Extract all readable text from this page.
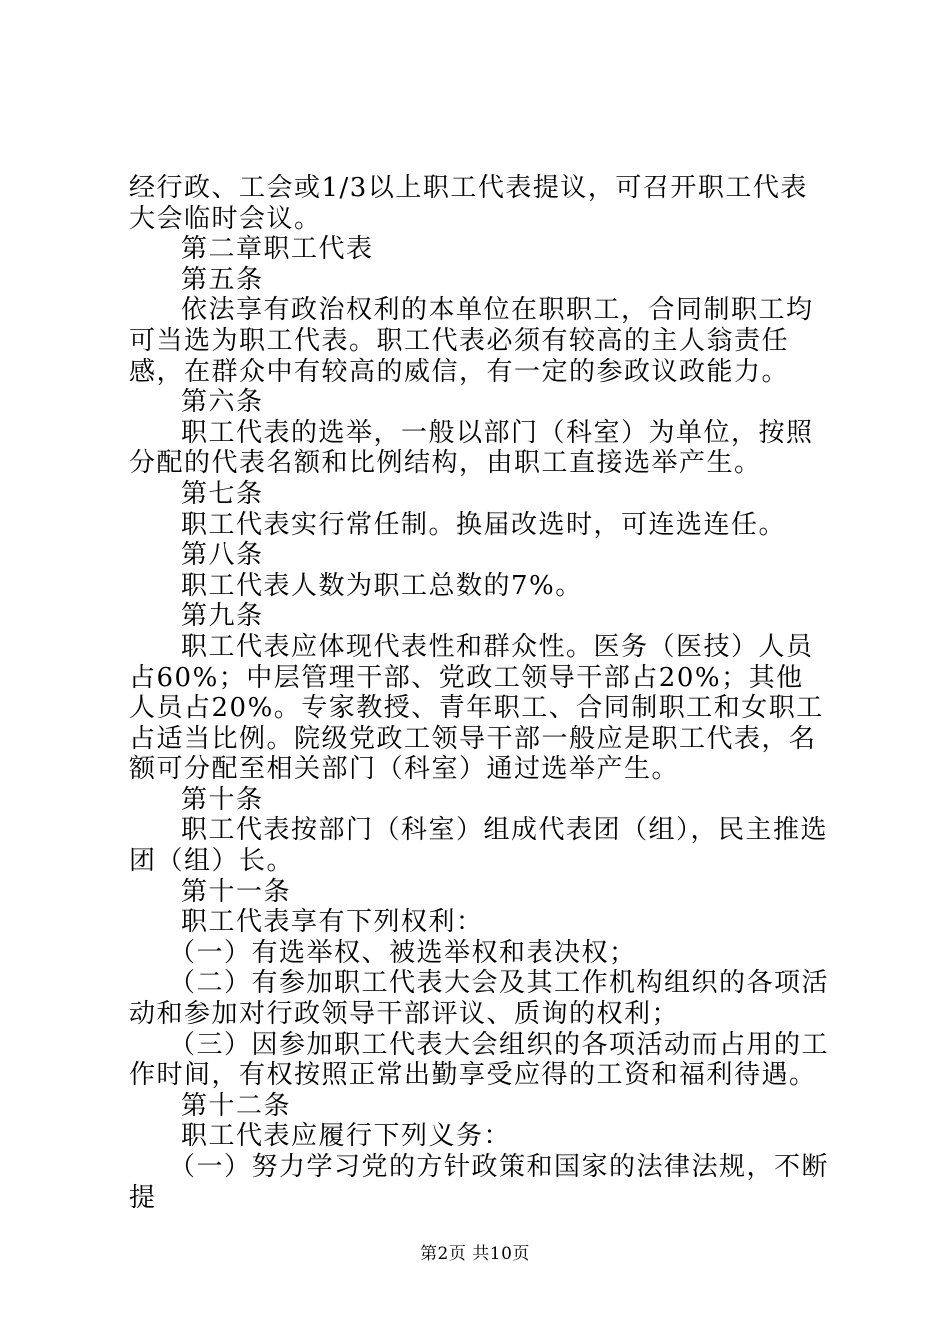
经行政、工会或1/3以上职工代表提议，可召开职工代表大会临时会议。

第二章职工代表

第五条

依法享有政治权利的本单位在职职工，合同制职工均可当选为职工代表。职工代表必须有较高的主人翁责任感，在群众中有较高的威信，有一定的参政议政能力。

第六条

职工代表的选举，一般以部门（科室）为单位，按照分配的代表名额和比例结构，由职工直接选举产生。

第七条

职工代表实行常任制。换届改选时，可连选连任。

第八条

职工代表人数为职工总数的7%。

第九条

职工代表应体现代表性和群众性。医务（医技）人员占60%；中层管理干部、党政工领导干部占20%；其他人员占20%。专家教授、青年职工、合同制职工和女职工占适当比例。院级党政工领导干部一般应是职工代表，名额可分配至相关部门（科室）通过选举产生。

第十条

职工代表按部门（科室）组成代表团（组），民主推选团（组）长。

第十一条

职工代表享有下列权利：

（一）有选举权、被选举权和表决权；

（二）有参加职工代表大会及其工作机构组织的各项活动和参加对行政领导干部评议、质询的权利；

（三）因参加职工代表大会组织的各项活动而占用的工作时间，有权按照正常出勤享受应得的工资和福利待遇。

第十二条

职工代表应履行下列义务：

（一）努力学习党的方针政策和国家的法律法规，不断提

第2页 共10页
